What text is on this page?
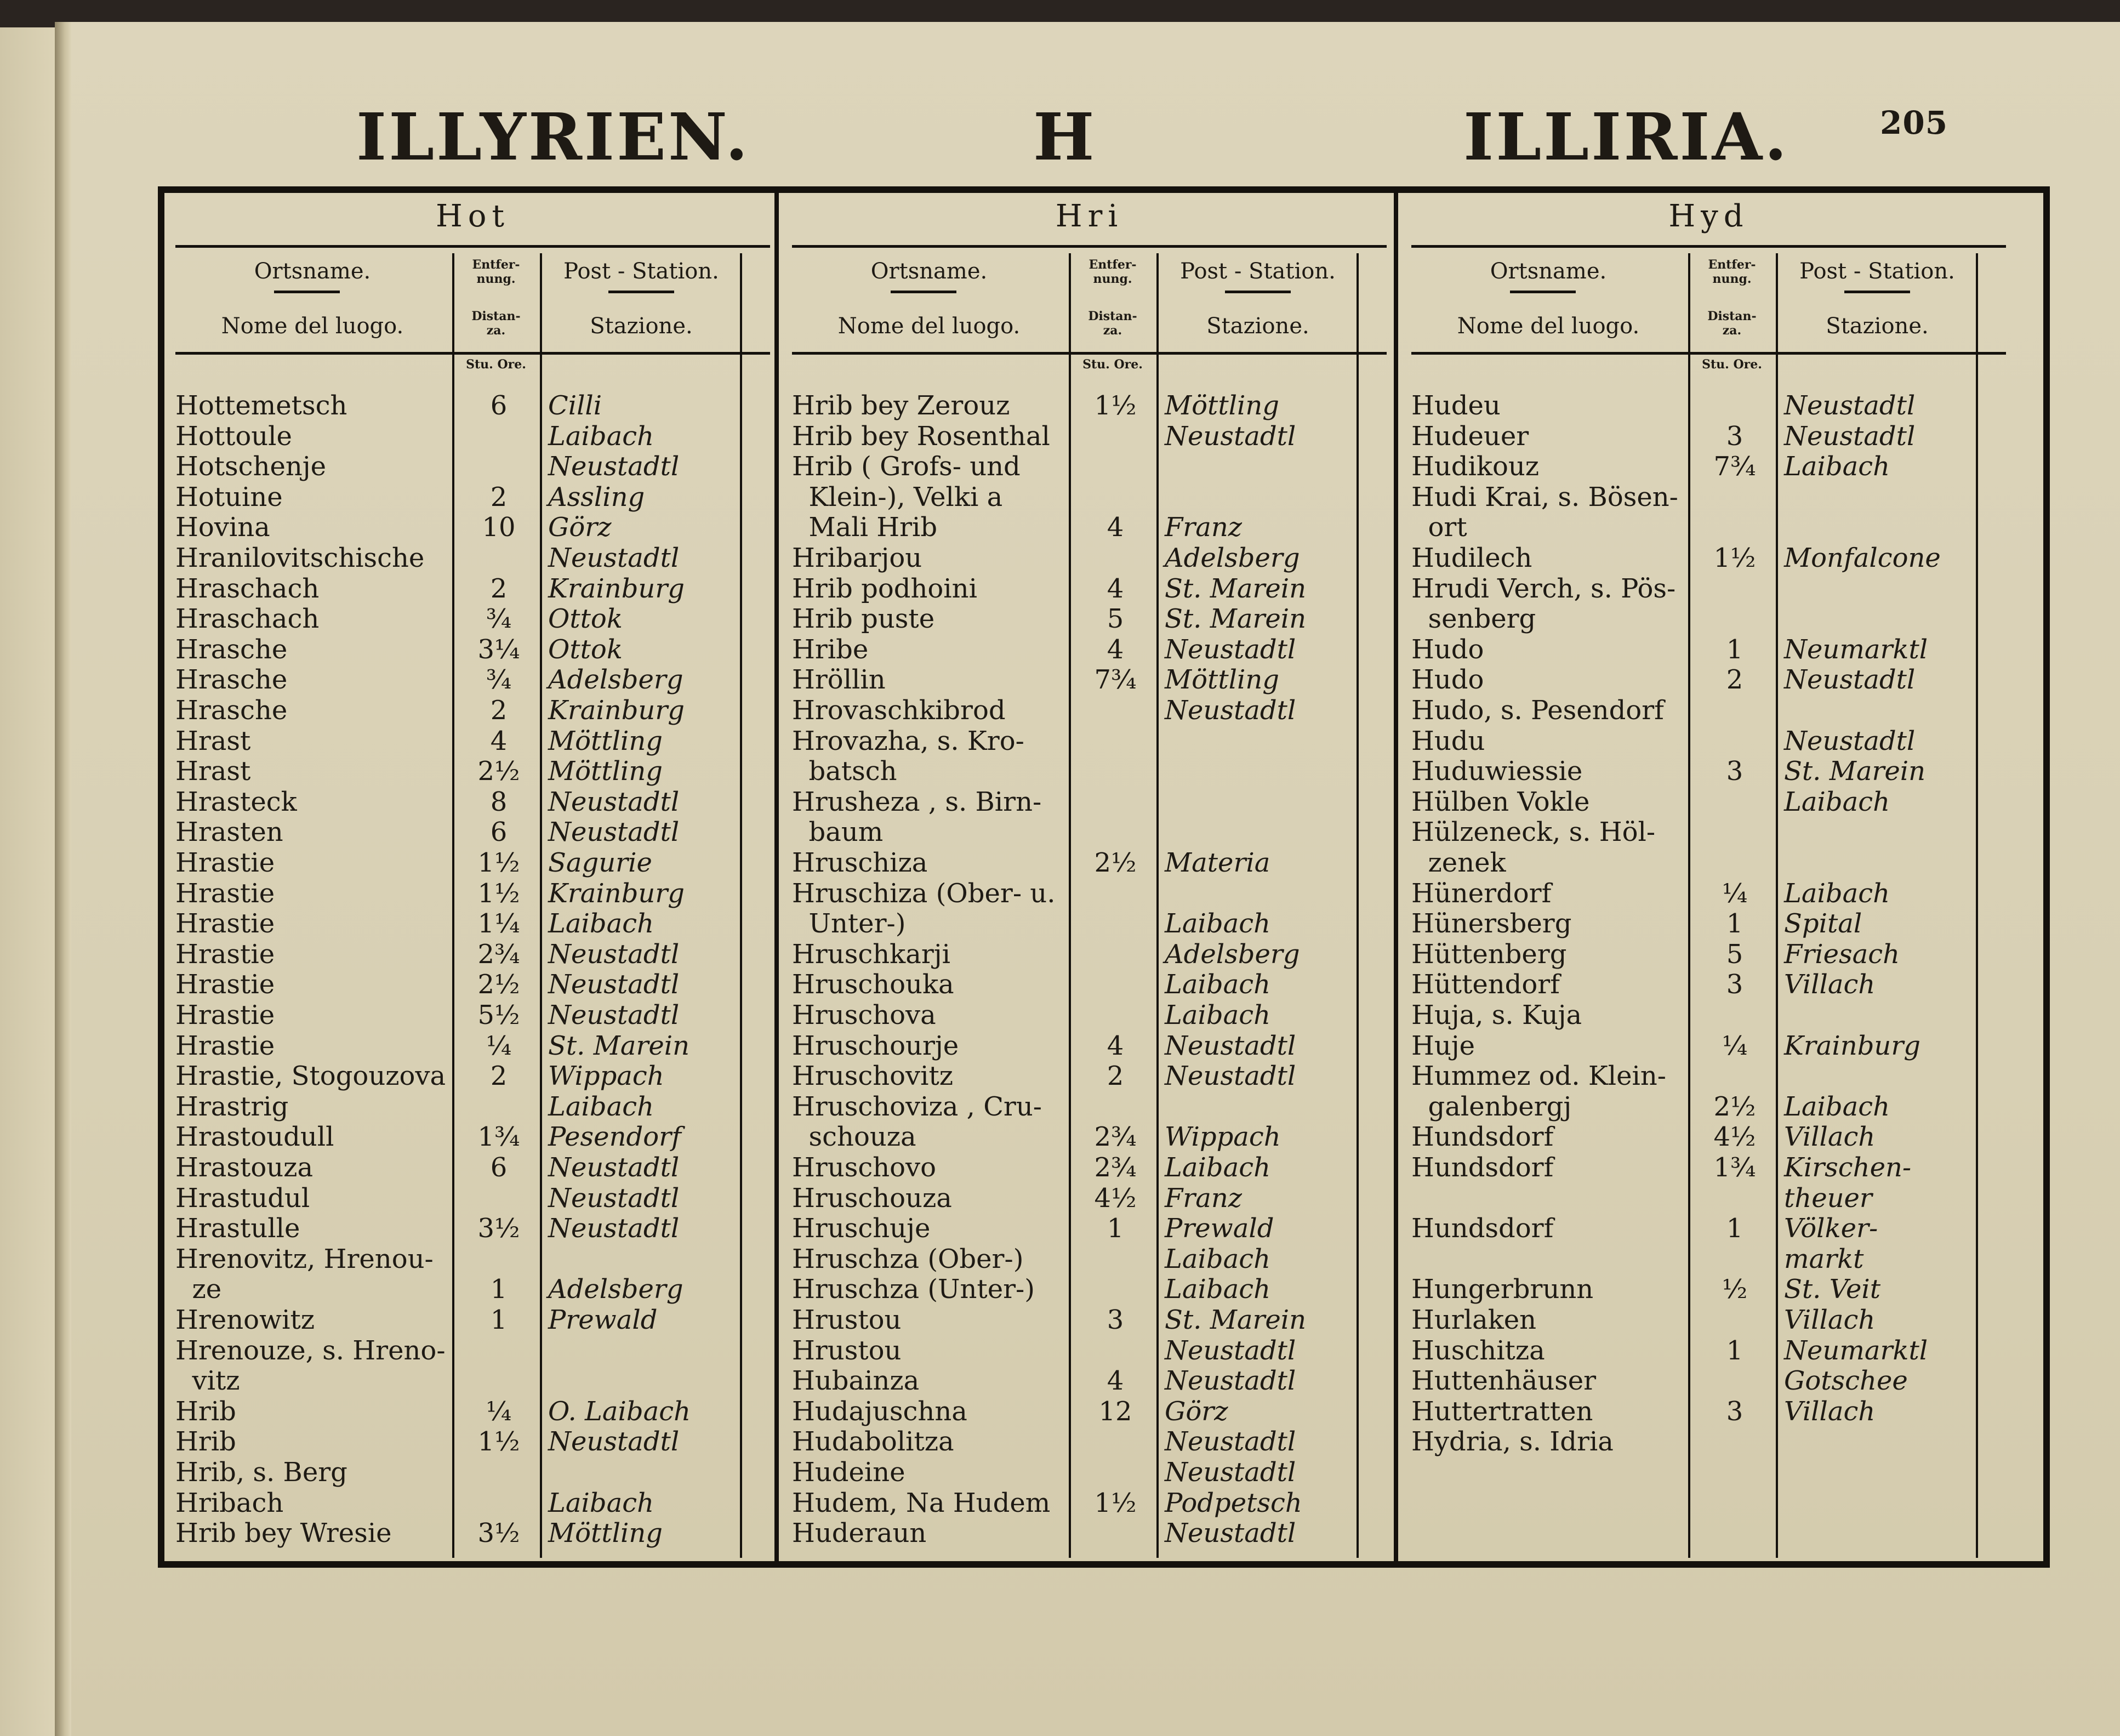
ILLYRIEN.	H	ILLIRIA.	205
Hot
Ortsname.
Nome del luogo.
Entfer-
nung.
Distan-
za.
Post - Station.
Stazione.
Stu. Ore.
Hottemetsch	6	Cilli
Hottoule	Laibach
Hotschenje	Neustadtl
Hotuine	2	Assling
Hovina	10	Görz
Hranilovitschische	Neustadtl
Hraschach	2	Krainburg
Hraschach	¾	Ottok
Hrasche	3¼	Ottok
Hrasche	¾	Adelsberg
Hrasche	2	Krainburg
Hrast	4	Möttling
Hrast	2½	Möttling
Hrasteck	8	Neustadtl
Hrasten	6	Neustadtl
Hrastie	1½	Sagurie
Hrastie	1½	Krainburg
Hrastie	1¼	Laibach
Hrastie	2¾	Neustadtl
Hrastie	2½	Neustadtl
Hrastie	5½	Neustadtl
Hrastie	¼	St. Marein
Hrastie, Stogouzova	2	Wippach
Hrastrig	Laibach
Hrastoudull	1¾	Pesendorf
Hrastouza	6	Neustadtl
Hrastudul	Neustadtl
Hrastulle	3½	Neustadtl
Hrenovitz, Hrenou-
ze	1	Adelsberg
Hrenowitz	1	Prewald
Hrenouze, s. Hreno-
vitz
Hrib	¼	O. Laibach
Hrib	1½	Neustadtl
Hrib, s. Berg
Hribach	Laibach
Hrib bey Wresie	3½	Möttling
Hri
Ortsname.
Nome del luogo.
Entfer-
nung.
Distan-
za.
Post - Station.
Stazione.
Stu. Ore.
Hrib bey Zerouz	1½	Möttling
Hrib bey Rosenthal	Neustadtl
Hrib ( Grofs- und
Klein-), Velki a
Mali Hrib	4	Franz
Hribarjou	Adelsberg
Hrib podhoini	4	St. Marein
Hrib puste	5	St. Marein
Hribe	4	Neustadtl
Hröllin	7¾	Möttling
Hrovaschkibrod	Neustadtl
Hrovazha, s. Kro-
batsch
Hrusheza , s. Birn-
baum
Hruschiza	2½	Materia
Hruschiza (Ober- u.
Unter-)	Laibach
Hruschkarji	Adelsberg
Hruschouka	Laibach
Hruschova	Laibach
Hruschourje	4	Neustadtl
Hruschovitz	2	Neustadtl
Hruschoviza , Cru-
schouza	2¾	Wippach
Hruschovo	2¾	Laibach
Hruschouza	4½	Franz
Hruschuje	1	Prewald
Hruschza (Ober-)	Laibach
Hruschza (Unter-)	Laibach
Hrustou	3	St. Marein
Hrustou	Neustadtl
Hubainza	4	Neustadtl
Hudajuschna	12	Görz
Hudabolitza	Neustadtl
Hudeine	Neustadtl
Hudem, Na Hudem	1½	Podpetsch
Huderaun	Neustadtl
Hyd
Ortsname.
Nome del luogo.
Entfer-
nung.
Distan-
za.
Post - Station.
Stazione.
Stu. Ore.
Hudeu	Neustadtl
Hudeuer	3	Neustadtl
Hudikouz	7¾	Laibach
Hudi Krai, s. Bösen-
ort
Hudilech	1½	Monfalcone
Hrudi Verch, s. Pös-
senberg
Hudo	1	Neumarktl
Hudo	2	Neustadtl
Hudo, s. Pesendorf
Hudu	Neustadtl
Huduwiessie	3	St. Marein
Hülben Vokle	Laibach
Hülzeneck, s. Höl-
zenek
Hünerdorf	¼	Laibach
Hünersberg	1	Spital
Hüttenberg	5	Friesach
Hüttendorf	3	Villach
Huja, s. Kuja
Huje	¼	Krainburg
Hummez od. Klein-
galenbergj	2½	Laibach
Hundsdorf	4½	Villach
Hundsdorf	1¾	Kirschen-
theuer
Hundsdorf	1	Völker-
markt
Hungerbrunn	½	St. Veit
Hurlaken	Villach
Huschitza	1	Neumarktl
Huttenhäuser	Gotschee
Huttertratten	3	Villach
Hydria, s. Idria
